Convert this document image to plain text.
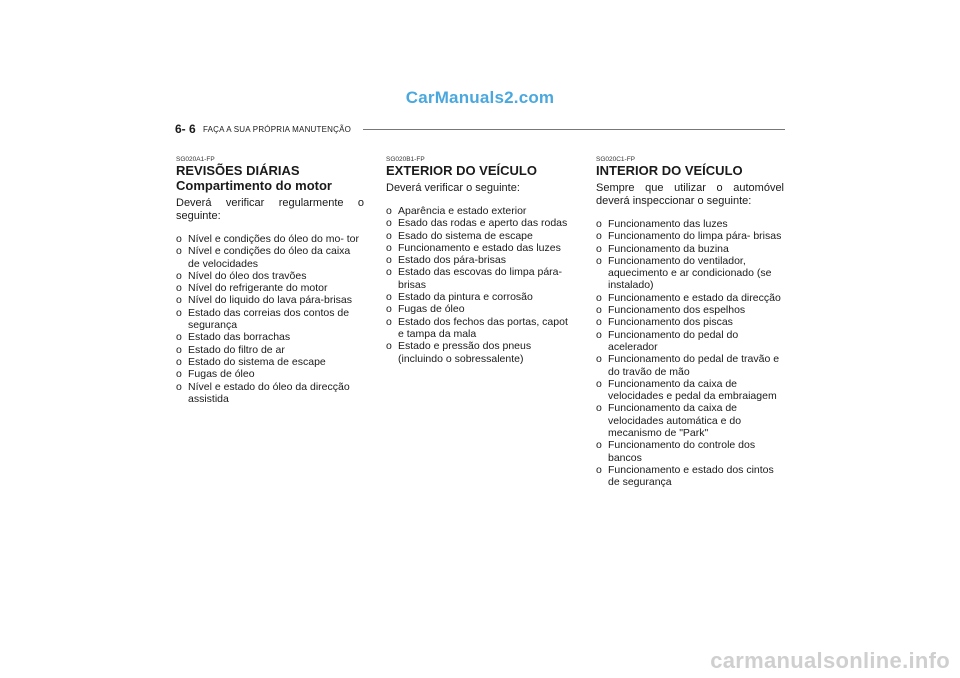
CarManuals2.com
6- 6 FAÇA A SUA PRÓPRIA MANUTENÇÃO
SG020A1-FP
REVISÕES DIÁRIAS
Compartimento do motor
Deverá verificar regularmente o seguinte:
o Nível e condições do óleo do mo- tor
o Nível e condições do óleo da caixa de velocidades
o Nível do óleo dos travões
o Nível do refrigerante do motor
o Nível do liquido do lava pára-brisas
o Estado das correias dos contos de segurança
o Estado das borrachas
o Estado do filtro de ar
o Estado do sistema de escape
o Fugas de óleo
o Nível e estado do óleo da direcção assistida
SG020B1-FP
EXTERIOR DO VEÍCULO
Deverá verificar o seguinte:
o Aparência e estado exterior
o Esado das rodas e aperto das rodas
o Esado do sistema de escape
o Funcionamento e estado das luzes
o Estado dos pára-brisas
o Estado das escovas do limpa pára- brisas
o Estado da pintura e corrosão
o Fugas de óleo
o Estado dos fechos das portas, capot e tampa da mala
o Estado e pressão dos pneus (incluindo o sobressalente)
SG020C1-FP
INTERIOR DO VEÍCULO
Sempre que utilizar o automóvel deverá inspeccionar o seguinte:
o Funcionamento das luzes
o Funcionamento do limpa pára- brisas
o Funcionamento da buzina
o Funcionamento do ventilador, aquecimento e ar condicionado (se instalado)
o Funcionamento e estado da direcção
o Funcionamento dos espelhos
o Funcionamento dos piscas
o Funcionamento do pedal do acelerador
o Funcionamento do pedal de travão e do travão de mão
o Funcionamento da caixa de velocidades e pedal da embraiagem
o Funcionamento da caixa de velocidades automática e do mecanismo de "Park"
o Funcionamento do controle dos bancos
o Funcionamento e estado dos cintos de segurança
carmanualsonline.info
